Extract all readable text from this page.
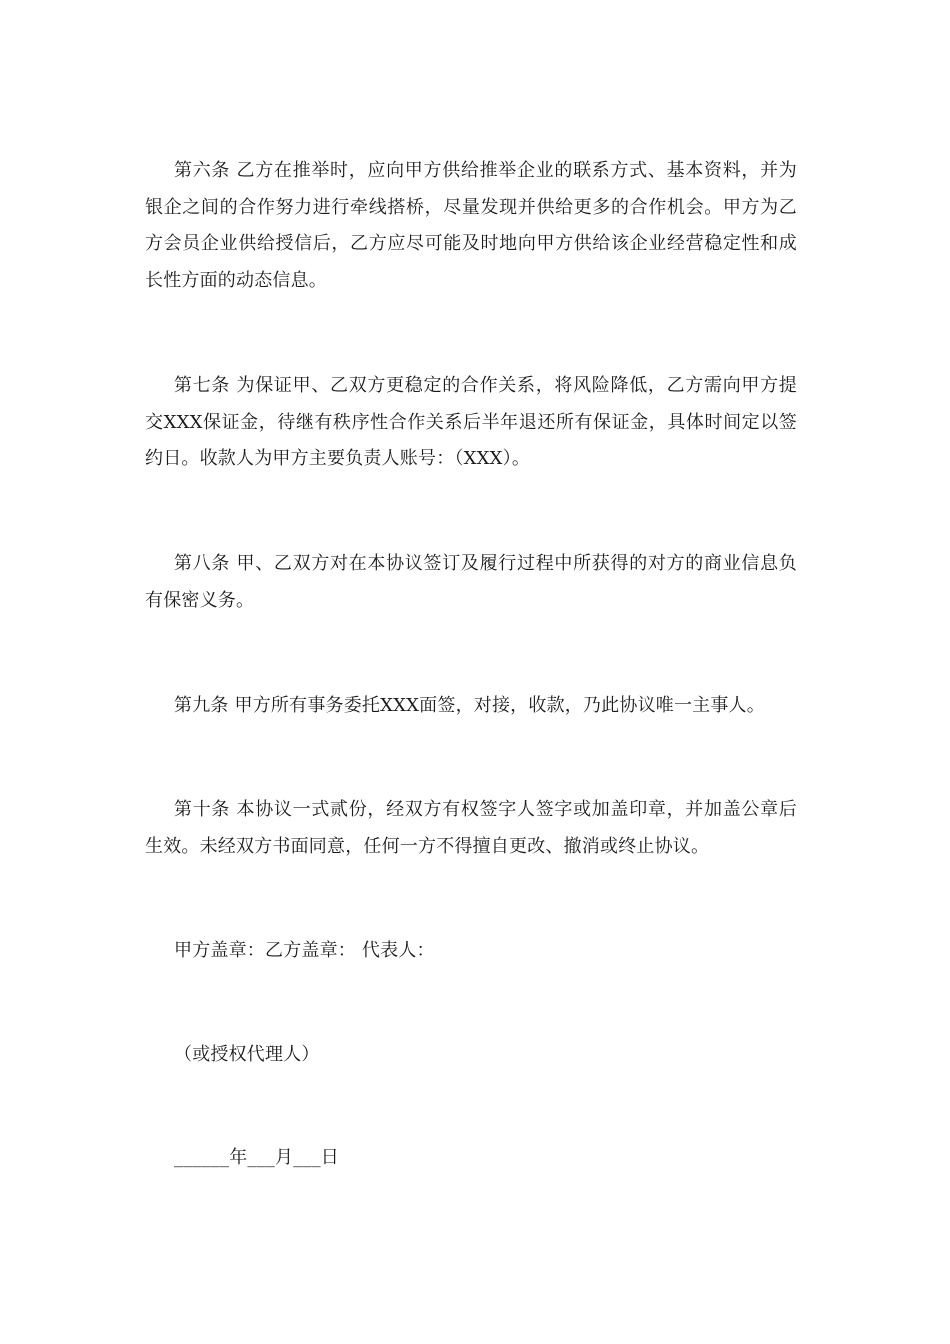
第六条 乙方在推举时，应向甲方供给推举企业的联系方式、基本资料，并为银企之间的合作努力进行牵线搭桥，尽量发现并供给更多的合作机会。甲方为乙方会员企业供给授信后，乙方应尽可能及时地向甲方供给该企业经营稳定性和成长性方面的动态信息。

第七条 为保证甲、乙双方更稳定的合作关系，将风险降低，乙方需向甲方提交XXX保证金，待继有秩序性合作关系后半年退还所有保证金，具体时间定以签约日。收款人为甲方主要负责人账号：（XXX）。

第八条 甲、乙双方对在本协议签订及履行过程中所获得的对方的商业信息负有保密义务。

第九条 甲方所有事务委托XXX面签，对接，收款，乃此协议唯一主事人。

第十条 本协议一式贰份，经双方有权签字人签字或加盖印章，并加盖公章后生效。未经双方书面同意，任何一方不得擅自更改、撤消或终止协议。

甲方盖章：乙方盖章： 代表人：

（或授权代理人）

______年___月___日
